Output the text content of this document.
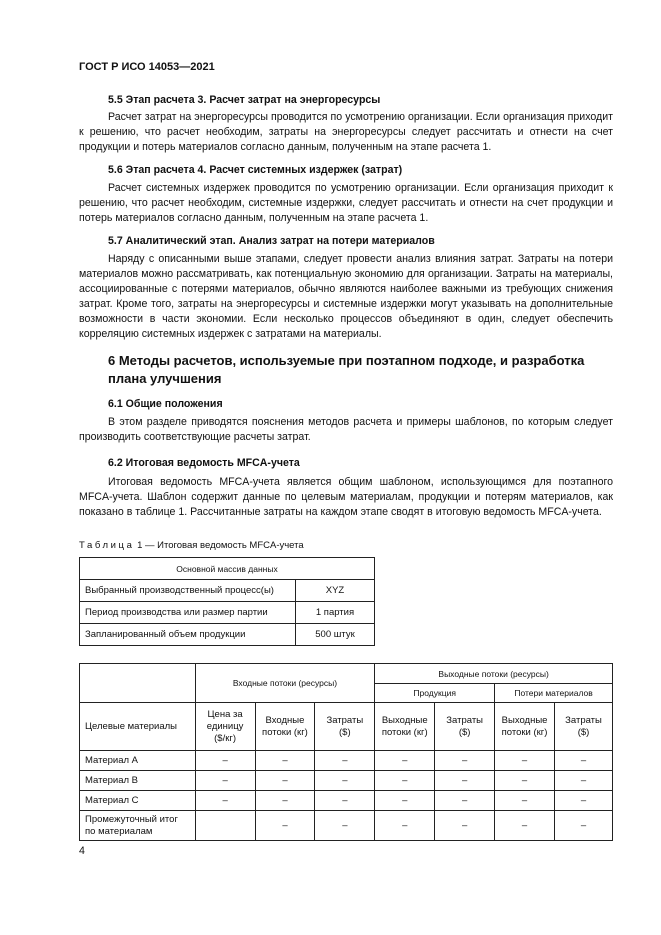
ГОСТ Р ИСО 14053—2021
5.5 Этап расчета 3. Расчет затрат на энергоресурсы

Расчет затрат на энергоресурсы проводится по усмотрению организации. Если организация приходит к решению, что расчет необходим, затраты на энергоресурсы следует рассчитать и отнести на счет продукции и потерь материалов согласно данным, полученным на этапе расчета 1.

5.6 Этап расчета 4. Расчет системных издержек (затрат)

Расчет системных издержек проводится по усмотрению организации. Если организация приходит к решению, что расчет необходим, системные издержки, следует рассчитать и отнести на счет продукции и потерь материалов согласно данным, полученным на этапе расчета 1.

5.7 Аналитический этап. Анализ затрат на потери материалов

Наряду с описанными выше этапами, следует провести анализ влияния затрат. Затраты на потери материалов можно рассматривать, как потенциальную экономию для организации. Затраты на материалы, ассоциированные с потерями материалов, обычно являются наиболее важными из требующих снижения затрат. Кроме того, затраты на энергоресурсы и системные издержки могут указывать на дополнительные возможности в части экономии. Если несколько процессов объединяют в один, следует обеспечить корреляцию системных издержек с затратами на материалы.

6 Методы расчетов, используемые при поэтапном подходе, и разработка плана улучшения
6.1 Общие положения

В этом разделе приводятся пояснения методов расчета и примеры шаблонов, по которым следует производить соответствующие расчеты затрат.

6.2 Итоговая ведомость MFCA-учета

Итоговая ведомость MFCA-учета является общим шаблоном, использующимся для поэтапного MFCA-учета. Шаблон содержит данные по целевым материалам, продукции и потерям материалов, как показано в таблице 1. Рассчитанные затраты на каждом этапе сводят в итоговую ведомость MFCA-учета.

Таблица 1 — Итоговая ведомость MFCA-учета
Основной массив данных	
Выбранный производственный процесс(ы)	XYZ
Период производства или размер партии	1 партия
Запланированный объем продукции	500 штук
	Входные потоки (ресурсы)			Выходные потоки (ресурсы)			
				Продукция		Потери материалов	
Целевые материалы	Цена за единицу ($/кг)	Входные потоки (кг)	Затраты ($)	Выходные потоки (кг)	Затраты ($)	Выходные потоки (кг)	Затраты ($)
Материал A	–	–	–	–	–	–	–
Материал B	–	–	–	–	–	–	–
Материал C	–	–	–	–	–	–	–
Промежуточный итог по материалам		–	–	–	–	–	–
4
